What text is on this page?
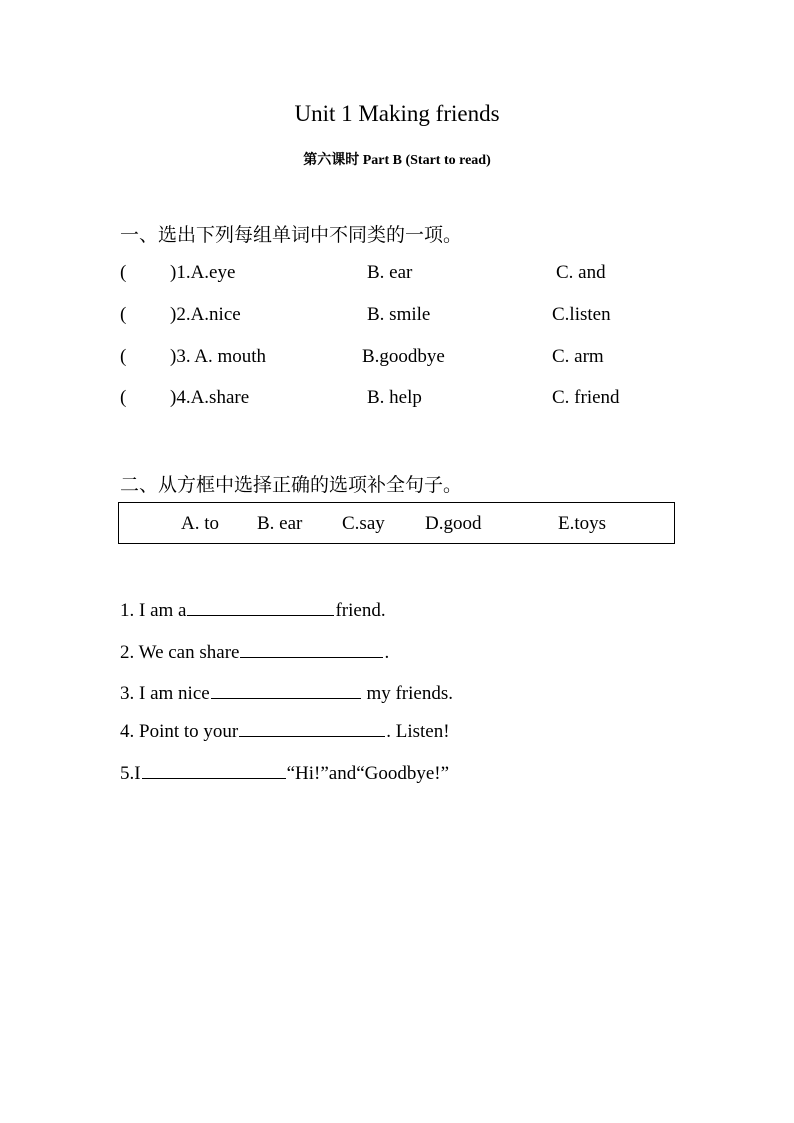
Unit 1 Making friends
第六课时 Part B (Start to read)
一、选出下列每组单词中不同类的一项。
( )1.A.eye	B. ear	C. and
( )2.A.nice	B. smile	C.listen
( )3. A. mouth	B.goodbye	C. arm
( )4.A.share	B. help	C. friend
二、从方框中选择正确的选项补全句子。
A. to B. ear C.say D.good	E.toys
1. I am a	friend.
2. We can share	.
3. I am nice	my friends.
4. Point to your	. Listen!
5.I	“Hi!”and“Goodbye!”
